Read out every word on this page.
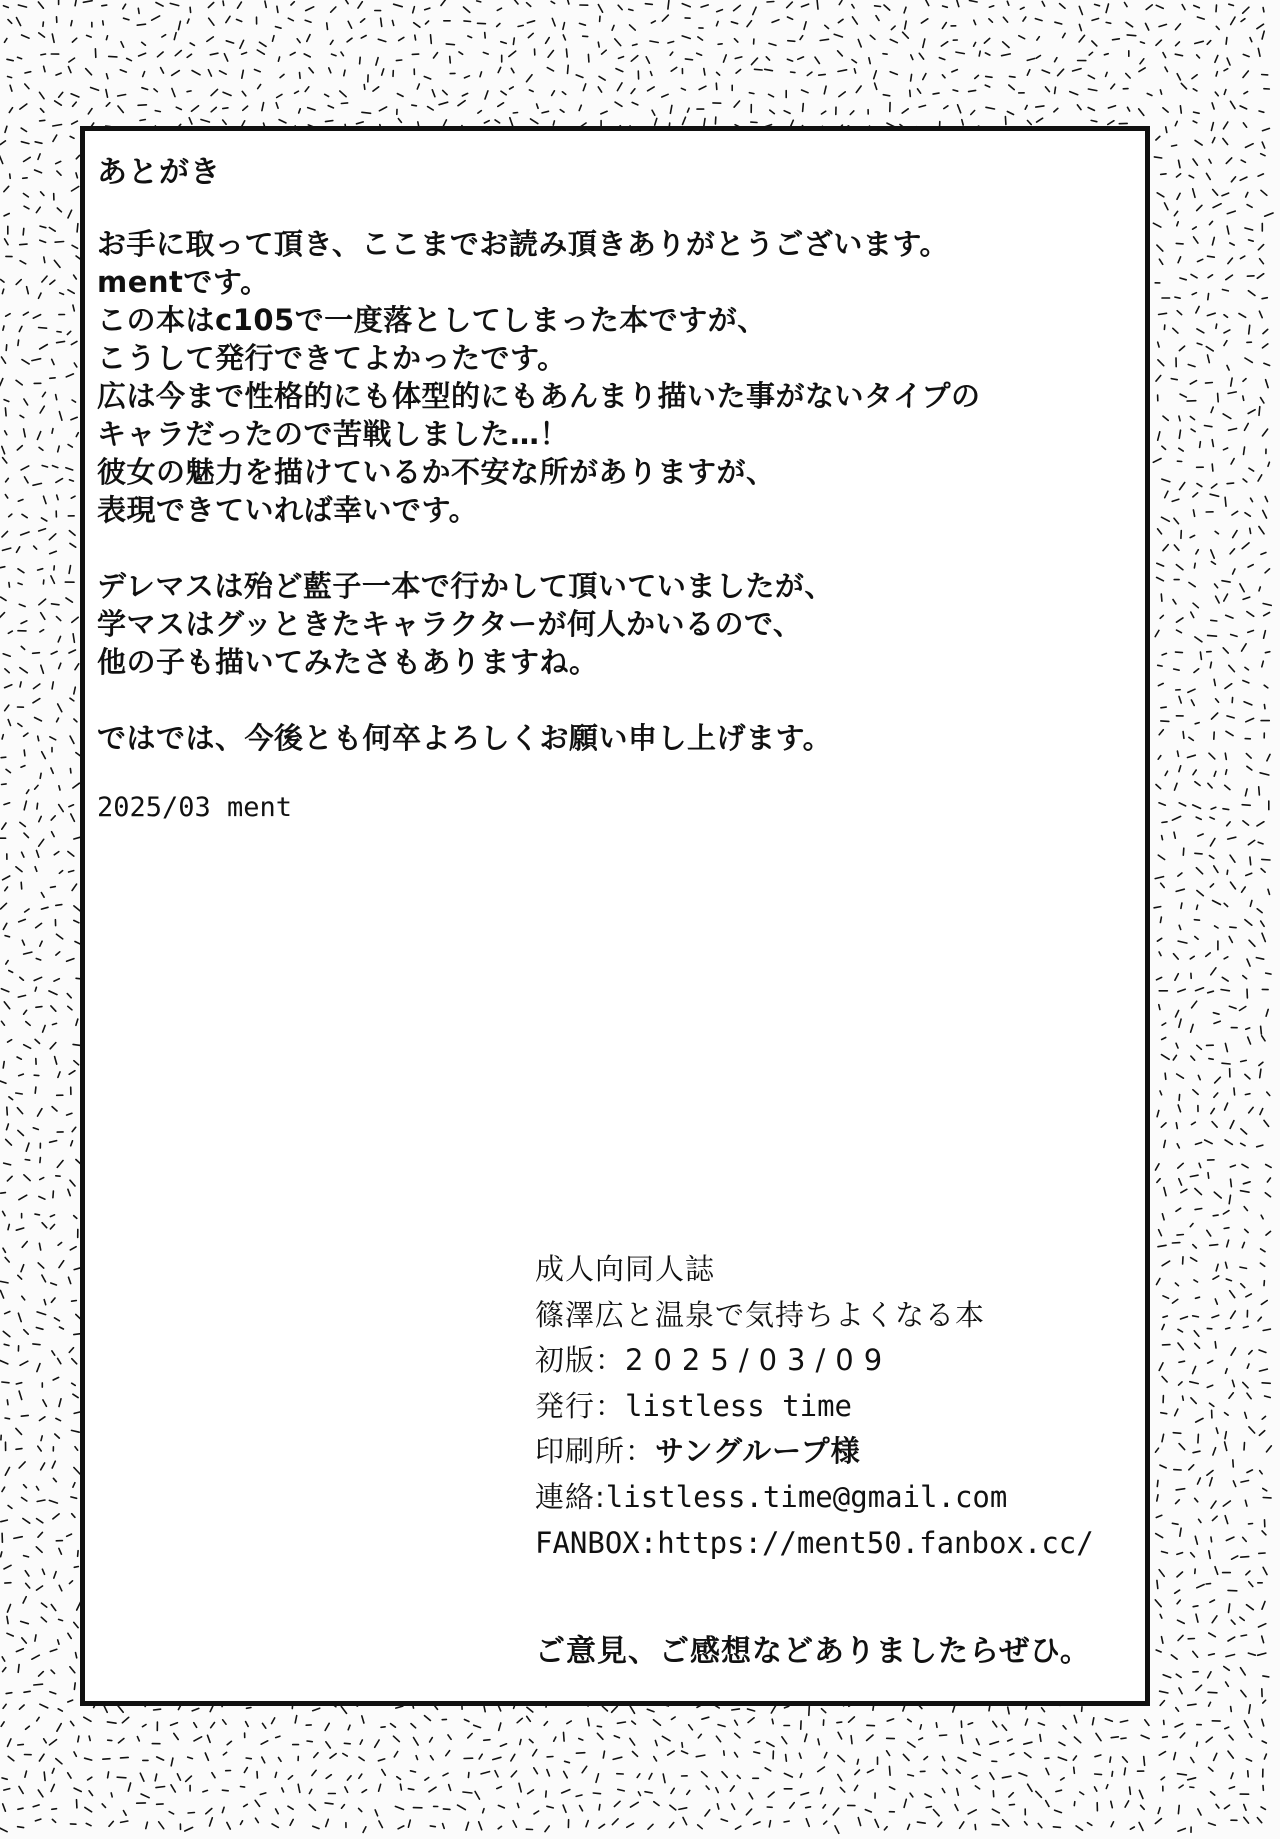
あとがき
お手に取って頂き、ここまでお読み頂きありがとうございます。
mentです。
この本はc105で一度落としてしまった本ですが、
こうして発行できてよかったです。
広は今まで性格的にも体型的にもあんまり描いた事がないタイプの
キャラだったので苦戦しました…！
彼女の魅力を描けているか不安な所がありますが、
表現できていれば幸いです。
デレマスは殆ど藍子一本で行かして頂いていましたが、
学マスはグッときたキャラクターが何人かいるので、
他の子も描いてみたさもありますね。
ではでは、今後とも何卒よろしくお願い申し上げます。
2025/03 ment
成人向同人誌
篠澤広と温泉で気持ちよくなる本
初版：2025/03/09
発行：listless time
印刷所：サングループ様
連絡:listless.time@gmail.com
FANBOX:https://ment50.fanbox.cc/
ご意見、ご感想などありましたらぜひ。
